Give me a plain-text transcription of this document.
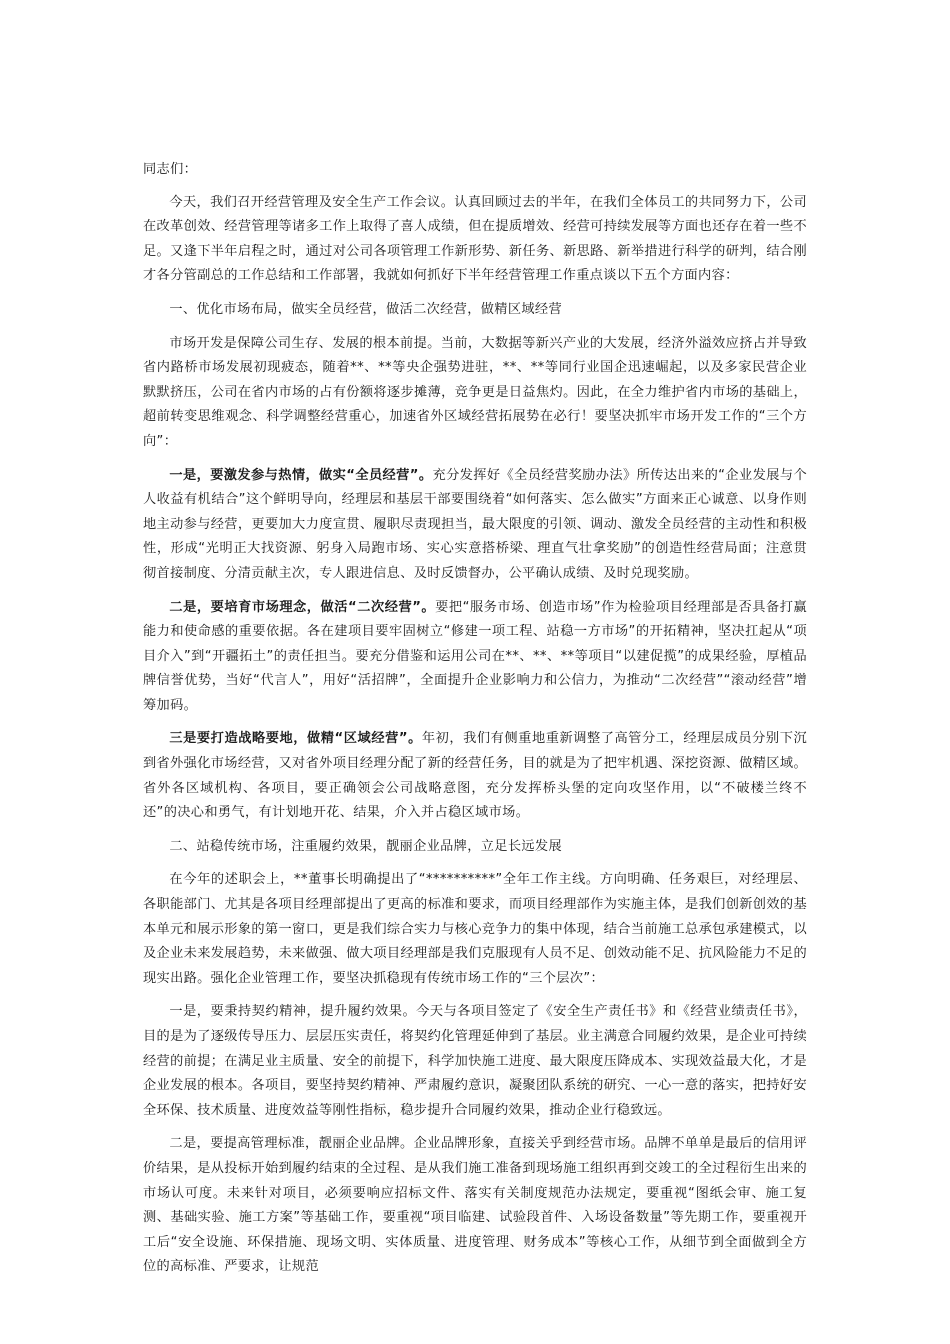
同志们：

今天，我们召开经营管理及安全生产工作会议。认真回顾过去的半年，在我们全体员工的共同努力下，公司在改革创效、经营管理等诸多工作上取得了喜人成绩，但在提质增效、经营可持续发展等方面也还存在着一些不足。又逢下半年启程之时，通过对公司各项管理工作新形势、新任务、新思路、新举措进行科学的研判，结合刚才各分管副总的工作总结和工作部署，我就如何抓好下半年经营管理工作重点谈以下五个方面内容：

一、优化市场布局，做实全员经营，做活二次经营，做精区域经营

市场开发是保障公司生存、发展的根本前提。当前，大数据等新兴产业的大发展，经济外溢效应挤占并导致省内路桥市场发展初现疲态，随着**、**等央企强势进驻，**、**等同行业国企迅速崛起，以及多家民营企业默默挤压，公司在省内市场的占有份额将逐步摊薄，竞争更是日益焦灼。因此，在全力维护省内市场的基础上，超前转变思维观念、科学调整经营重心，加速省外区域经营拓展势在必行！要坚决抓牢市场开发工作的“三个方向”：

一是，要激发参与热情，做实“全员经营”。充分发挥好《全员经营奖励办法》所传达出来的“企业发展与个人收益有机结合”这个鲜明导向，经理层和基层干部要围绕着“如何落实、怎么做实”方面来正心诚意、以身作则地主动参与经营，更要加大力度宣贯、履职尽责现担当，最大限度的引领、调动、激发全员经营的主动性和积极性，形成“光明正大找资源、躬身入局跑市场、实心实意搭桥梁、理直气壮拿奖励”的创造性经营局面；注意贯彻首接制度、分清贡献主次，专人跟进信息、及时反馈督办，公平确认成绩、及时兑现奖励。

二是，要培育市场理念，做活“二次经营”。要把“服务市场、创造市场”作为检验项目经理部是否具备打赢能力和使命感的重要依据。各在建项目要牢固树立“修建一项工程、站稳一方市场”的开拓精神，坚决扛起从“项目介入”到“开疆拓土”的责任担当。要充分借鉴和运用公司在**、**、**等项目“以建促揽”的成果经验，厚植品牌信誉优势，当好“代言人”，用好“活招牌”，全面提升企业影响力和公信力，为推动“二次经营”“滚动经营”增筹加码。

三是要打造战略要地，做精“区域经营”。年初，我们有侧重地重新调整了高管分工，经理层成员分别下沉到省外强化市场经营，又对省外项目经理分配了新的经营任务，目的就是为了把牢机遇、深挖资源、做精区域。省外各区域机构、各项目，要正确领会公司战略意图，充分发挥桥头堡的定向攻坚作用，以“不破楼兰终不还”的决心和勇气，有计划地开花、结果，介入并占稳区域市场。

二、站稳传统市场，注重履约效果，靓丽企业品牌，立足长远发展

在今年的述职会上，**董事长明确提出了“**********”全年工作主线。方向明确、任务艰巨，对经理层、各职能部门、尤其是各项目经理部提出了更高的标准和要求，而项目经理部作为实施主体，是我们创新创效的基本单元和展示形象的第一窗口，更是我们综合实力与核心竞争力的集中体现，结合当前施工总承包承建模式，以及企业未来发展趋势，未来做强、做大项目经理部是我们克服现有人员不足、创效动能不足、抗风险能力不足的现实出路。强化企业管理工作，要坚决抓稳现有传统市场工作的“三个层次”：

一是，要秉持契约精神，提升履约效果。今天与各项目签定了《安全生产责任书》和《经营业绩责任书》，目的是为了逐级传导压力、层层压实责任，将契约化管理延伸到了基层。业主满意合同履约效果，是企业可持续经营的前提；在满足业主质量、安全的前提下，科学加快施工进度、最大限度压降成本、实现效益最大化，才是企业发展的根本。各项目，要坚持契约精神、严肃履约意识，凝聚团队系统的研究、一心一意的落实，把持好安全环保、技术质量、进度效益等刚性指标，稳步提升合同履约效果，推动企业行稳致远。

二是，要提高管理标准，靓丽企业品牌。企业品牌形象，直接关乎到经营市场。品牌不单单是最后的信用评价结果，是从投标开始到履约结束的全过程、是从我们施工准备到现场施工组织再到交竣工的全过程衍生出来的市场认可度。未来针对项目，必须要响应招标文件、落实有关制度规范办法规定，要重视“图纸会审、施工复测、基础实验、施工方案”等基础工作，要重视“项目临建、试验段首件、入场设备数量”等先期工作，要重视开工后“安全设施、环保措施、现场文明、实体质量、进度管理、财务成本”等核心工作，从细节到全面做到全方位的高标准、严要求，让规范
